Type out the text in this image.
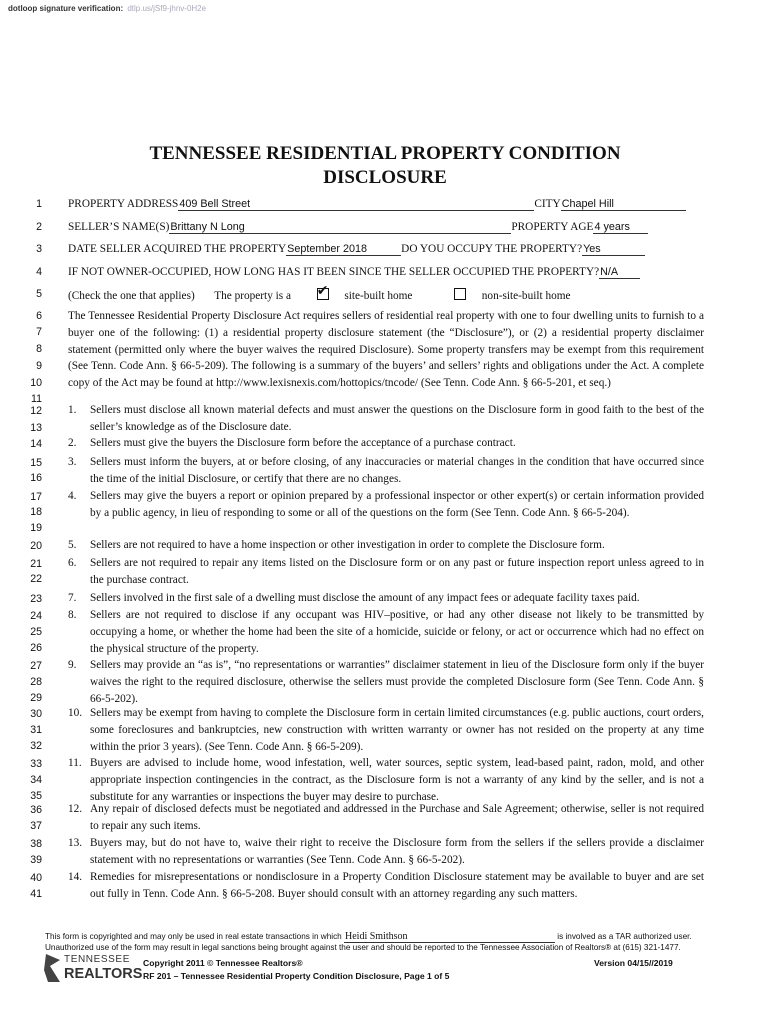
dotloop signature verification: dtlp.us/jSf9-jhnv-0H2e
TENNESSEE RESIDENTIAL PROPERTY CONDITION
DISCLOSURE
1
2
3
4
5
6
7
8
9
10
11
12
13
14
15
16
17
18
19
20
21
22
23
24
25
26
27
28
29
30
31
32
33
34
35
36
37
38
39
40
41
PROPERTY ADDRESS409 Bell Street	CITYChapel Hill
SELLER’S NAME(S)Brittany N Long	PROPERTY AGE4 years
DATE SELLER ACQUIRED THE PROPERTYSeptember 2018	DO YOU OCCUPY THE PROPERTY?Yes
IF NOT OWNER-OCCUPIED, HOW LONG HAS IT BEEN SINCE THE SELLER OCCUPIED THE PROPERTY?N/A
(Check the one that applies) The property is a  ✔	site-built home	non-site-built home
The Tennessee Residential Property Disclosure Act requires sellers of residential real property with one to four dwelling units to furnish to a buyer one of the following: (1) a residential property disclosure statement (the “Disclosure”), or (2) a residential property disclaimer statement (permitted only where the buyer waives the required Disclosure). Some property transfers may be exempt from this requirement (See Tenn. Code Ann. § 66-5-209). The following is a summary of the buyers’ and sellers’ rights and obligations under the Act. A complete copy of the Act may be found at http://www.lexisnexis.com/hottopics/tncode/ (See Tenn. Code Ann. § 66-5-201, et seq.)
1.	Sellers must disclose all known material defects and must answer the questions on the Disclosure form in good faith to the best of the seller’s knowledge as of the Disclosure date.
2.	Sellers must give the buyers the Disclosure form before the acceptance of a purchase contract.
3.	Sellers must inform the buyers, at or before closing, of any inaccuracies or material changes in the condition that have occurred since the time of the initial Disclosure, or certify that there are no changes.
4.	Sellers may give the buyers a report or opinion prepared by a professional inspector or other expert(s) or certain information provided by a public agency, in lieu of responding to some or all of the questions on the form (See Tenn. Code Ann. § 66-5-204).
5.	Sellers are not required to have a home inspection or other investigation in order to complete the Disclosure form.
6.	Sellers are not required to repair any items listed on the Disclosure form or on any past or future inspection report unless agreed to in the purchase contract.
7.	Sellers involved in the first sale of a dwelling must disclose the amount of any impact fees or adequate facility taxes paid.
8.	Sellers are not required to disclose if any occupant was HIV–positive, or had any other disease not likely to be transmitted by occupying a home, or whether the home had been the site of a homicide, suicide or felony, or act or occurrence which had no effect on the physical structure of the property.
9.	Sellers may provide an “as is”, “no representations or warranties” disclaimer statement in lieu of the Disclosure form only if the buyer waives the right to the required disclosure, otherwise the sellers must provide the completed Disclosure form (See Tenn. Code Ann. § 66-5-202).
10. Sellers may be exempt from having to complete the Disclosure form in certain limited circumstances (e.g. public auctions, court orders, some foreclosures and bankruptcies, new construction with written warranty or owner has not resided on the property at any time within the prior 3 years). (See Tenn. Code Ann. § 66-5-209).
11. Buyers are advised to include home, wood infestation, well, water sources, septic system, lead-based paint, radon, mold, and other appropriate inspection contingencies in the contract, as the Disclosure form is not a warranty of any kind by the seller, and is not a substitute for any warranties or inspections the buyer may desire to purchase.
12. Any repair of disclosed defects must be negotiated and addressed in the Purchase and Sale Agreement; otherwise, seller is not required to repair any such items.
13. Buyers may, but do not have to, waive their right to receive the Disclosure form from the sellers if the sellers provide a disclaimer statement with no representations or warranties (See Tenn. Code Ann. § 66-5-202).
14. Remedies for misrepresentations or nondisclosure in a Property Condition Disclosure statement may be available to buyer and are set out fully in Tenn. Code Ann. § 66-5-208. Buyer should consult with an attorney regarding any such matters.
This form is copyrighted and may only be used in real estate transactions in which Heidi Smithson	is involved as a TAR authorized user.
Unauthorized use of the form may result in legal sanctions being brought against the user and should be reported to the Tennessee Association of Realtors® at (615) 321-1477.
TENNESSEE
REALTORS
Copyright 2011 © Tennessee Realtors®
RF 201 – Tennessee Residential Property Condition Disclosure, Page 1 of 5
Version 04/15//2019
